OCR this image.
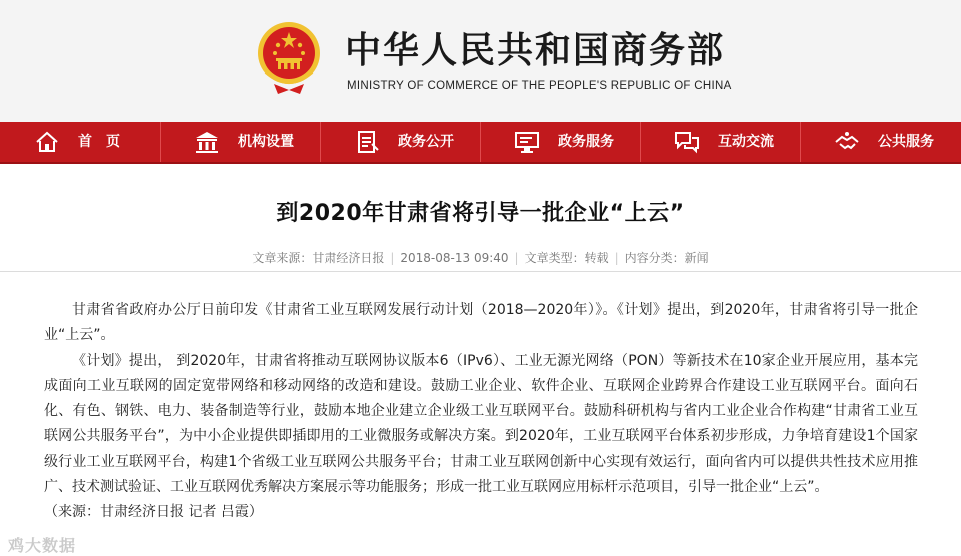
中华人民共和国商务部
MINISTRY OF COMMERCE OF THE PEOPLE'S REPUBLIC OF CHINA
首　页	机构设置	政务公开	政务服务	互动交流	公共服务
到2020年甘肃省将引导一批企业“上云”
文章来源：甘肃经济日报 | 2018-08-13 09:40 | 文章类型：转载 | 内容分类：新闻

甘肃省省政府办公厅日前印发《甘肃省工业互联网发展行动计划（2018—2020年）》。《计划》提出，到2020年，甘肃省将引导一批企业“上云”。

《计划》提出， 到2020年，甘肃省将推动互联网协议版本6（IPv6）、工业无源光网络（PON）等新技术在10家企业开展应用，基本完成面向工业互联网的固定宽带网络和移动网络的改造和建设。鼓励工业企业、软件企业、互联网企业跨界合作建设工业互联网平台。面向石化、有色、钢铁、电力、装备制造等行业，鼓励本地企业建立企业级工业互联网平台。鼓励科研机构与省内工业企业合作构建“甘肃省工业互联网公共服务平台”，为中小企业提供即插即用的工业微服务或解决方案。到2020年，工业互联网平台体系初步形成，力争培育建设1个国家级行业工业互联网平台，构建1个省级工业互联网公共服务平台；甘肃工业互联网创新中心实现有效运行，面向省内可以提供共性技术应用推广、技术测试验证、工业互联网优秀解决方案展示等功能服务；形成一批工业互联网应用标杆示范项目，引导一批企业“上云”。

（来源：甘肃经济日报 记者 吕霞）

鸡大数据
